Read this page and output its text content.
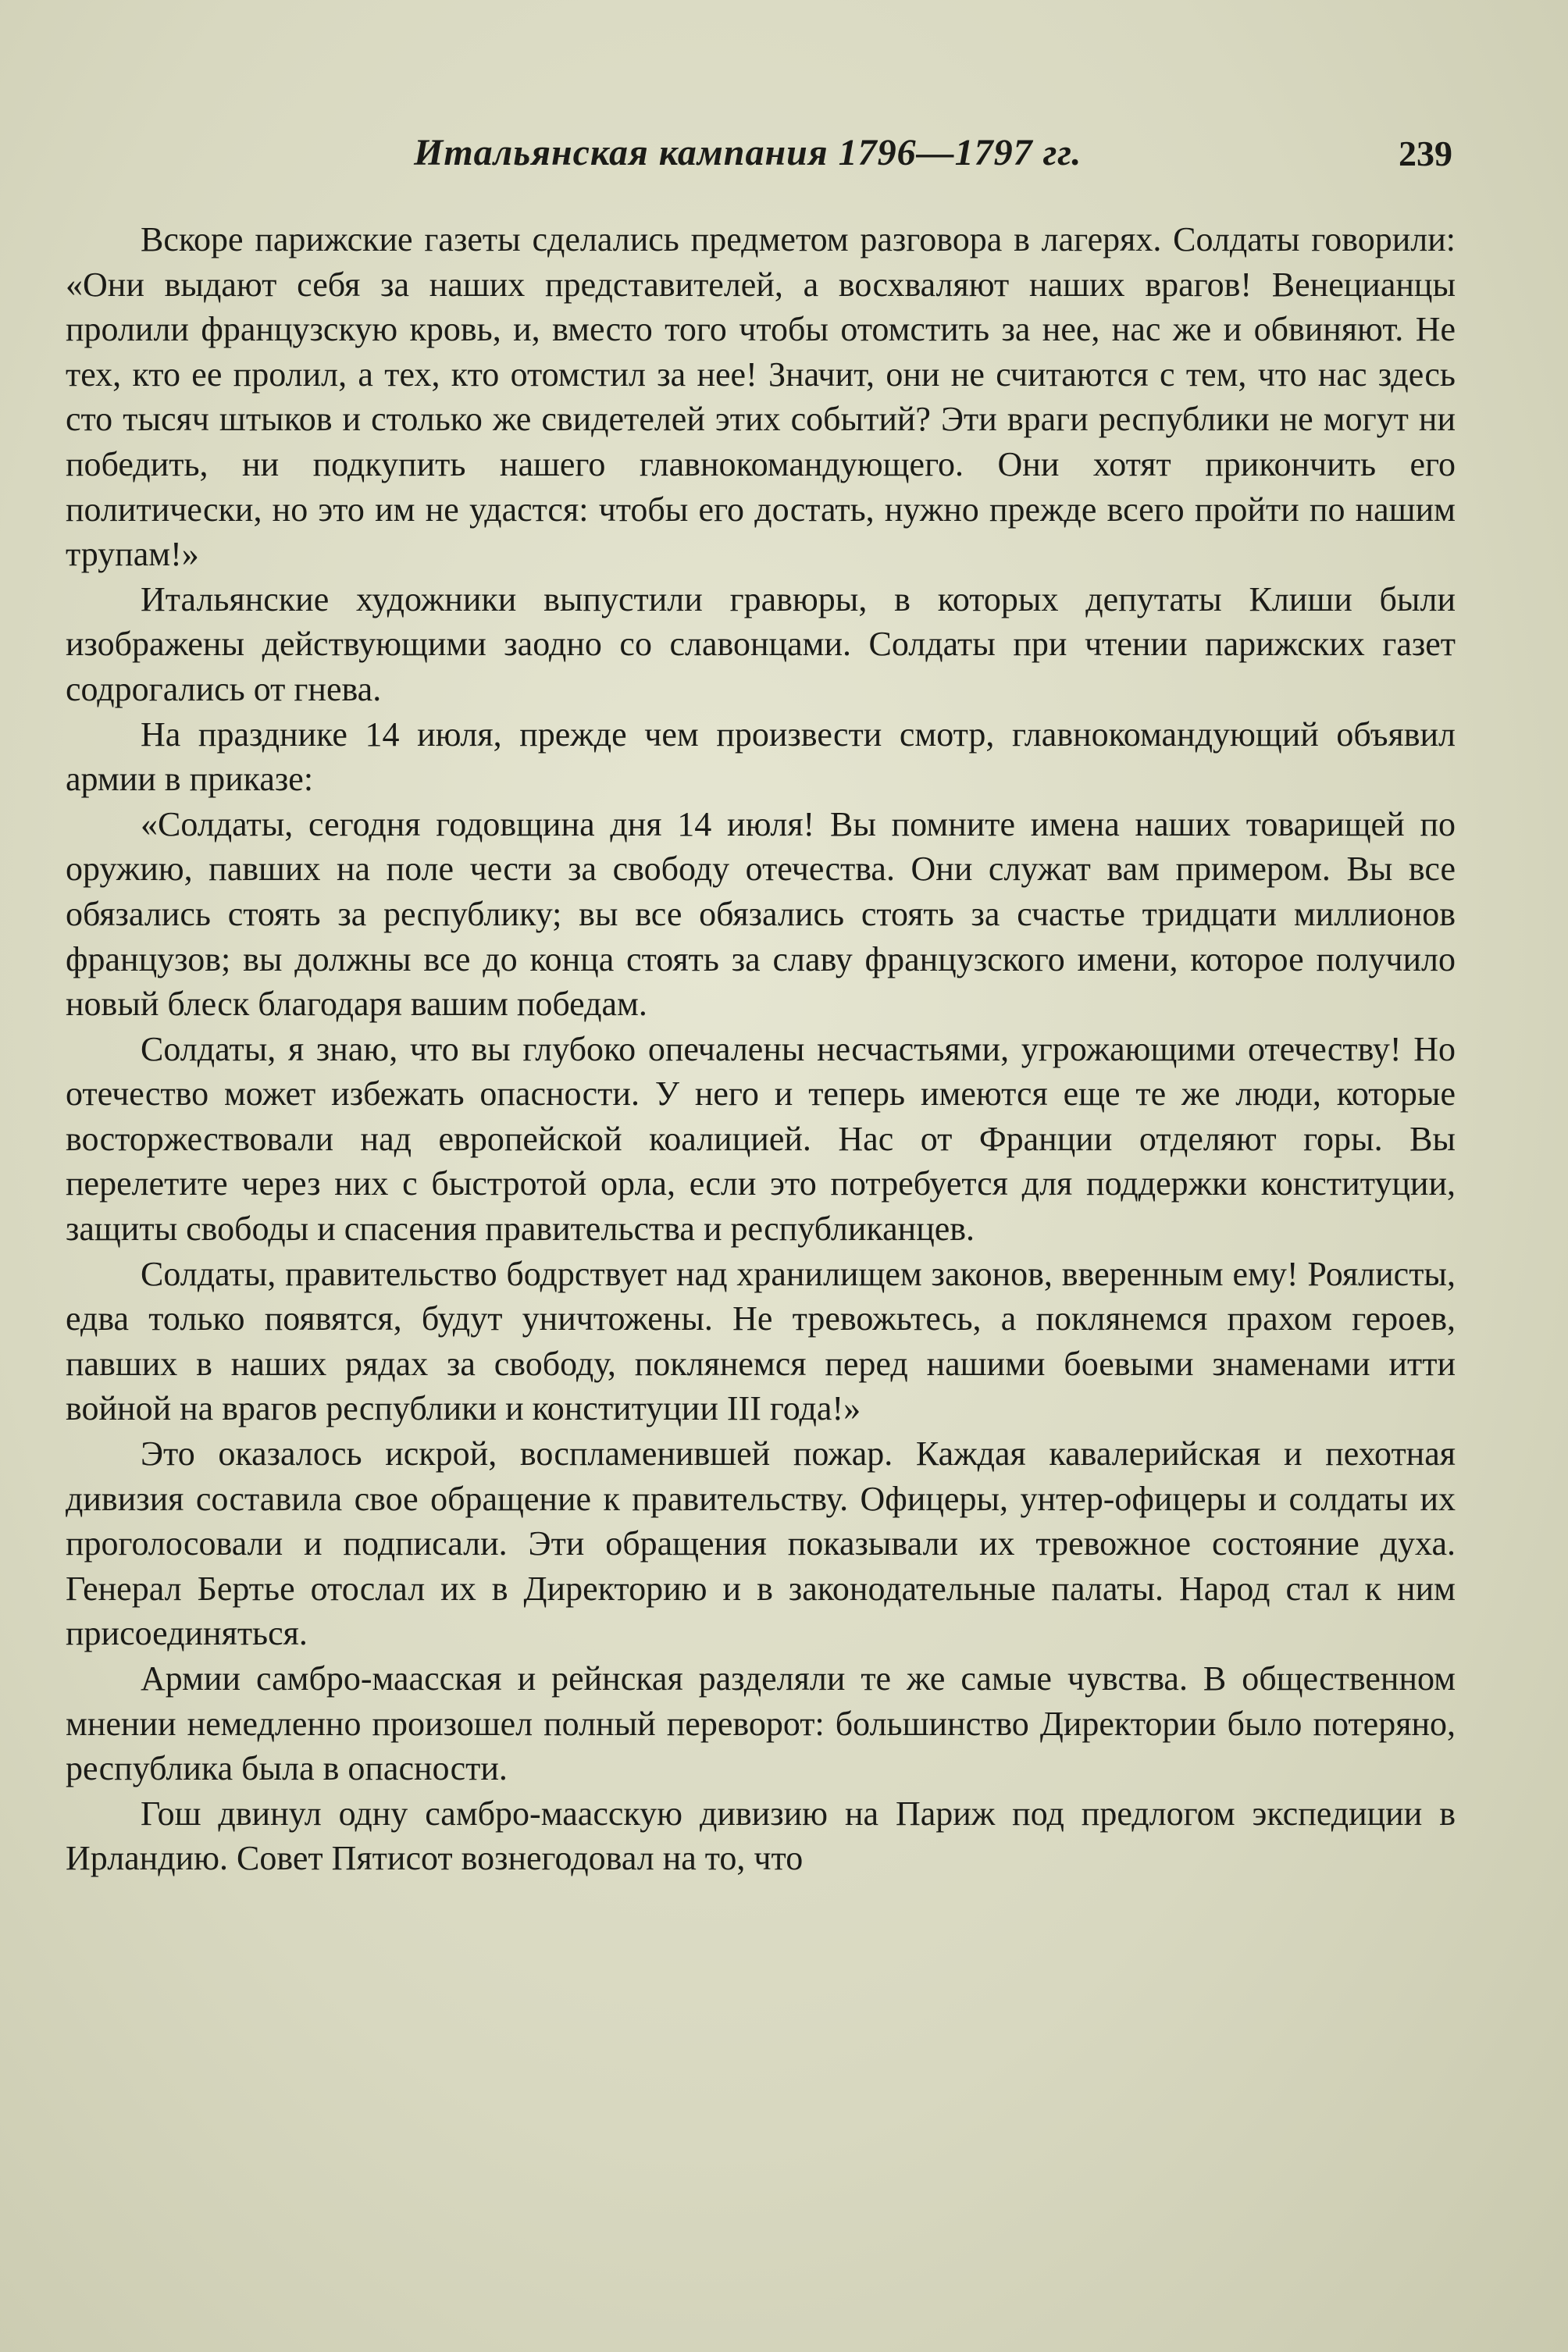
Итальянская кампания 1796—1797 гг.	239

Вскоре парижские газеты сделались предметом разговора в лагерях. Солдаты говорили: «Они выдают себя за наших представителей, а восхваляют наших врагов! Венецианцы пролили французскую кровь, и, вместо того чтобы отомстить за нее, нас же и обвиняют. Не тех, кто ее пролил, а тех, кто отомстил за нее! Значит, они не считаются с тем, что нас здесь сто тысяч штыков и столько же свидетелей этих событий? Эти враги республики не могут ни победить, ни подкупить нашего главнокомандующего. Они хотят прикончить его политически, но это им не удастся: чтобы его достать, нужно прежде всего пройти по нашим трупам!»

Итальянские художники выпустили гравюры, в которых депутаты Клиши были изображены действующими заодно со славонцами. Солдаты при чтении парижских газет содрогались от гнева.

На празднике 14 июля, прежде чем произвести смотр, главнокомандующий объявил армии в приказе:

«Солдаты, сегодня годовщина дня 14 июля! Вы помните имена наших товарищей по оружию, павших на поле чести за свободу отечества. Они служат вам примером. Вы все обязались стоять за республику; вы все обязались стоять за счастье тридцати миллионов французов; вы должны все до конца стоять за славу французского имени, которое получило новый блеск благодаря вашим победам.

Солдаты, я знаю, что вы глубоко опечалены несчастьями, угрожающими отечеству! Но отечество может избежать опасности. У него и теперь имеются еще те же люди, которые восторжествовали над европейской коалицией. Нас от Франции отделяют горы. Вы перелетите через них с быстротой орла, если это потребуется для поддержки конституции, защиты свободы и спасения правительства и республиканцев.

Солдаты, правительство бодрствует над хранилищем законов, вверенным ему! Роялисты, едва только появятся, будут уничтожены. Не тревожьтесь, а поклянемся прахом героев, павших в наших рядах за свободу, поклянемся перед нашими боевыми знаменами итти войной на врагов республики и конституции III года!»

Это оказалось искрой, воспламенившей пожар. Каждая кавалерийская и пехотная дивизия составила свое обращение к правительству. Офицеры, унтер-офицеры и солдаты их проголосовали и подписали. Эти обращения показывали их тревожное состояние духа. Генерал Бертье отослал их в Директорию и в законодательные палаты. Народ стал к ним присоединяться.

Армии самбро-маасская и рейнская разделяли те же самые чувства. В общественном мнении немедленно произошел полный переворот: большинство Директории было потеряно, республика была в опасности.

Гош двинул одну самбро-маасскую дивизию на Париж под предлогом экспедиции в Ирландию. Совет Пятисот вознегодовал на то, что
